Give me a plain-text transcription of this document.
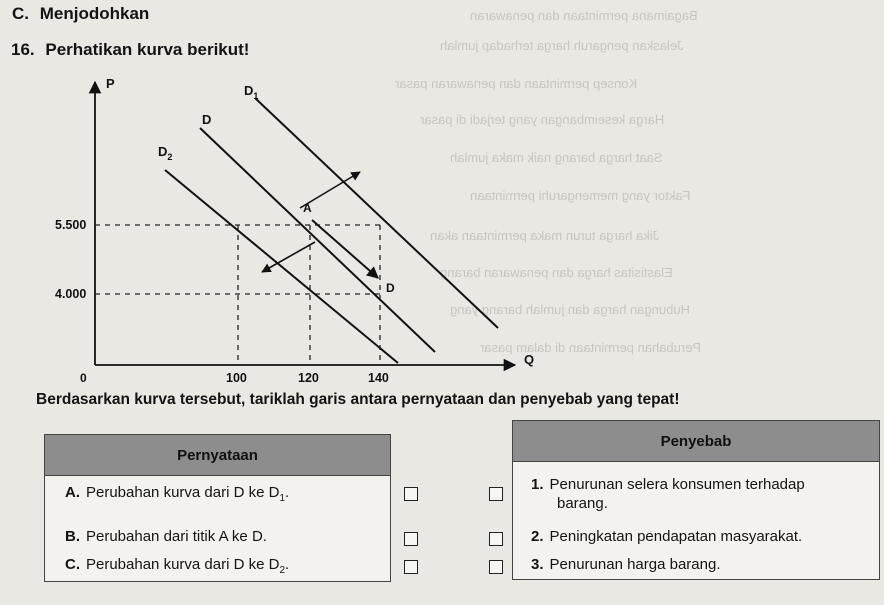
Bagaimana permintaan dan penawaran
Jelaskan pengaruh harga terhadap jumlah
Konsep permintaan dan penawaran pasar
Harga keseimbangan yang terjadi di pasar
Saat harga barang naik maka jumlah
Faktor yang memengaruhi permintaan
Jika harga turun maka permintaan akan
Elastisitas harga dan penawaran barang
Hubungan harga dan jumlah barang yang
Perubahan permintaan di dalam pasar
C. Menjodohkan
16. Perhatikan kurva berikut!
P
Q
0
5.500
4.000
100	120	140
$D_1$
D
$D_2$
A
D
Berdasarkan kurva tersebut, tariklah garis antara pernyataan dan penyebab yang tepat!
Pernyataan
A. Perubahan kurva dari D ke $D_1$.
B. Perubahan dari titik A ke D.
C. Perubahan kurva dari D ke $D_2$.
Penyebab
1. Penurunan selera konsumen terhadap
barang.
2. Peningkatan pendapatan masyarakat.
3. Penurunan harga barang.
